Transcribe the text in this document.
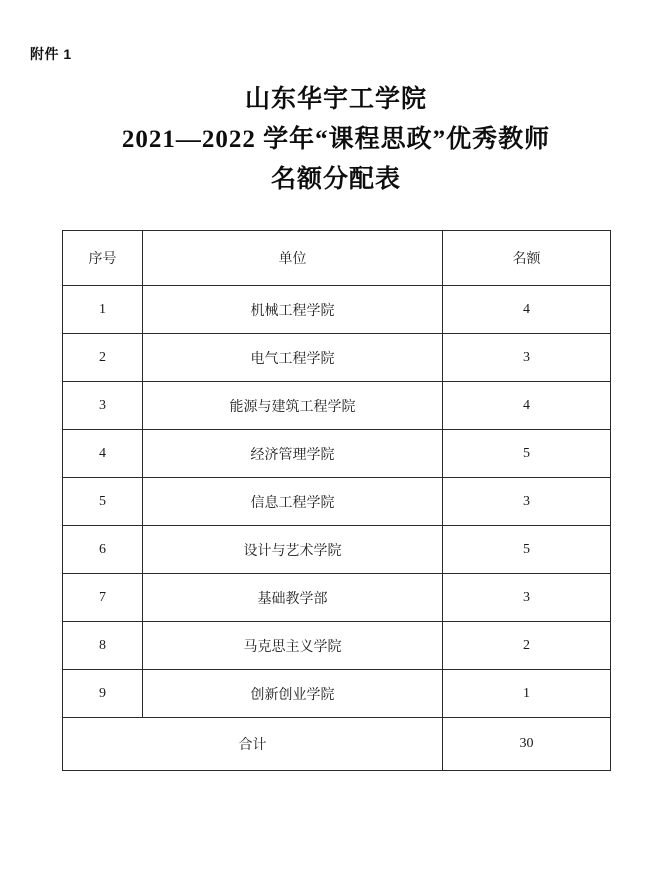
附件 1
山东华宇工学院
2021—2022 学年“课程思政”优秀教师
名额分配表
序号	单位	名额
1	机械工程学院	4
2	电气工程学院	3
3	能源与建筑工程学院	4
4	经济管理学院	5
5	信息工程学院	3
6	设计与艺术学院	5
7	基础教学部	3
8	马克思主义学院	2
9	创新创业学院	1
合计		30
